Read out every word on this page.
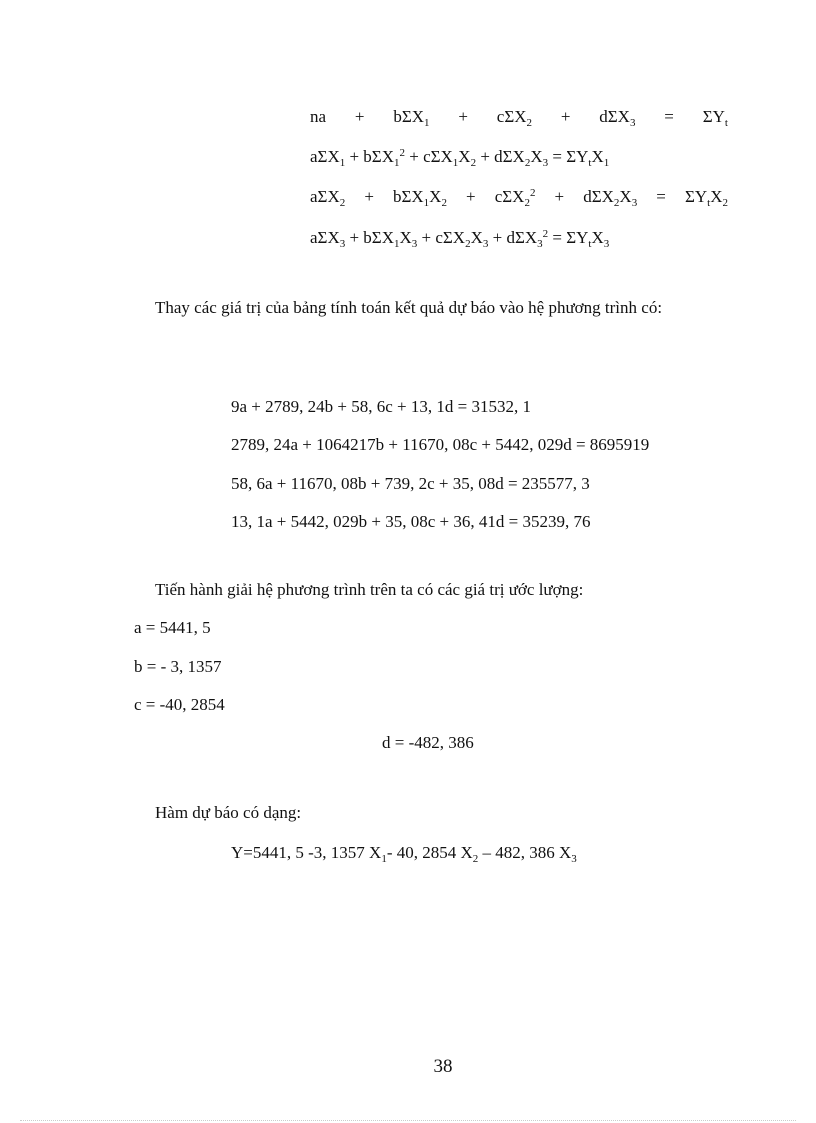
na + $b\Sigma X_1 + c\Sigma X_2 + d\Sigma X_3 = \Sigma Y_t$
$a\Sigma X_1 + b\Sigma X_1^2 + c\Sigma X_1X_2 + d\Sigma X_2X_3 = \Sigma Y_tX_1$
$a\Sigma X_2 + b\Sigma X_1X_2 + c\Sigma X_2^2 + d\Sigma X_2X_3 = \Sigma Y_tX_2$
$a\Sigma X_3 + b\Sigma X_1X_3 + c\Sigma X_2X_3 + d\Sigma X_3^2 = \Sigma Y_tX_3$
Thay các giá trị của bảng tính toán kết quả dự báo vào hệ phương trình có:
9a + 2789, 24b + 58, 6c + 13, 1d = 31532, 1
2789, 24a + 1064217b + 11670, 08c + 5442, 029d = 8695919
58, 6a + 11670, 08b + 739, 2c + 35, 08d = 235577, 3
13, 1a + 5442, 029b + 35, 08c + 36, 41d = 35239, 76
Tiến hành giải hệ phương trình trên ta có các giá trị ước lượng:
a = 5441, 5
b = - 3, 1357
c = -40, 2854
d = -482, 386
Hàm dự báo có dạng:
Y=5441, 5 -3, 1357 $X_1-$ 40, 2854 $X_2 - 482$, 386 $X_3$
38
